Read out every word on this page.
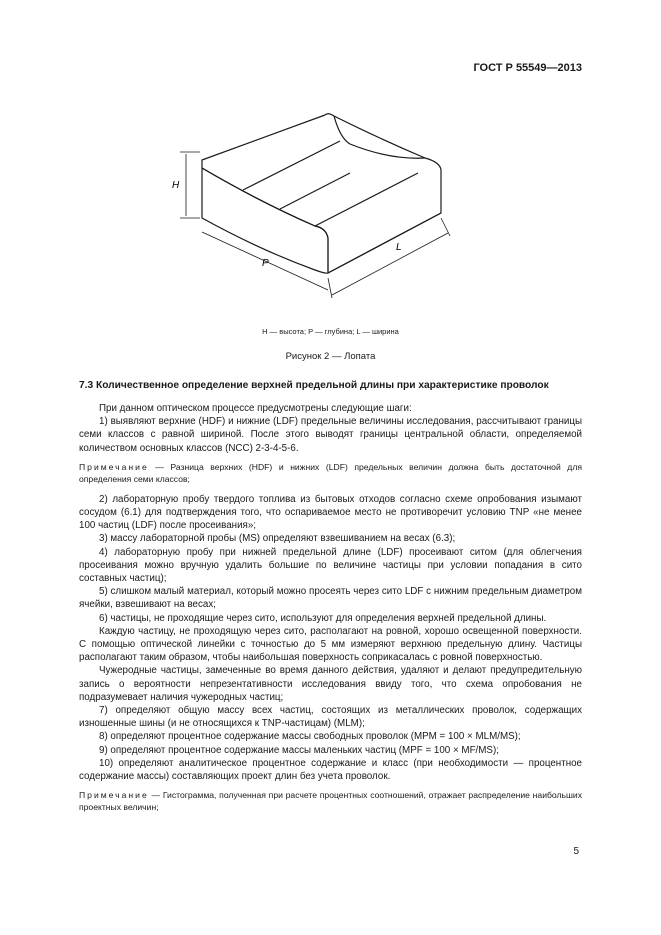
ГОСТ Р 55549—2013
H
P
L
H — высота; P — глубина; L — ширина
Рисунок 2 — Лопата
7.3 Количественное определение верхней предельной длины при характеристике проволок

При данном оптическом процессе предусмотрены следующие шаги:

1) выявляют верхние (HDF) и нижние (LDF) предельные величины исследования, рассчитывают границы семи классов с равной шириной. После этого выводят границы центральной области, определяемой количеством основных классов (NCC) 2-3-4-5-6.

Примечание — Разница верхних (HDF) и нижних (LDF) предельных величин должна быть достаточной для определения семи классов;

2) лабораторную пробу твердого топлива из бытовых отходов согласно схеме опробования изымают сосудом (6.1) для подтверждения того, что оспариваемое место не противоречит условию TNP «не менее 100 частиц (LDF) после просеивания»;

3) массу лабораторной пробы (MS) определяют взвешиванием на весах (6.3);

4) лабораторную пробу при нижней предельной длине (LDF) просеивают ситом (для облегчения просеивания можно вручную удалить большие по величине частицы при условии попадания в сито составных частиц);

5) слишком малый материал, который можно просеять через сито LDF с нижним предельным диаметром ячейки, взвешивают на весах;

6) частицы, не проходящие через сито, используют для определения верхней предельной длины.

Каждую частицу, не проходящую через сито, располагают на ровной, хорошо освещенной поверхности. С помощью оптической линейки с точностью до 5 мм измеряют верхнюю предельную длину. Частицы располагают таким образом, чтобы наибольшая поверхность соприкасалась с ровной поверхностью.

Чужеродные частицы, замеченные во время данного действия, удаляют и делают предупредительную запись о вероятности непрезентативности исследования ввиду того, что схема опробования не подразумевает наличия чужеродных частиц;

7) определяют общую массу всех частиц, состоящих из металлических проволок, содержащих изношенные шины (и не относящихся к TNP-частицам) (MLM);

8) определяют процентное содержание массы свободных проволок (MPM = 100 × MLM/MS);

9) определяют процентное содержание массы маленьких частиц (MPF = 100 × MF/MS);

10) определяют аналитическое процентное содержание и класс (при необходимости — процентное содержание массы) составляющих проект длин без учета проволок.

Примечание — Гистограмма, полученная при расчете процентных соотношений, отражает распределение наибольших проектных величин;

5
